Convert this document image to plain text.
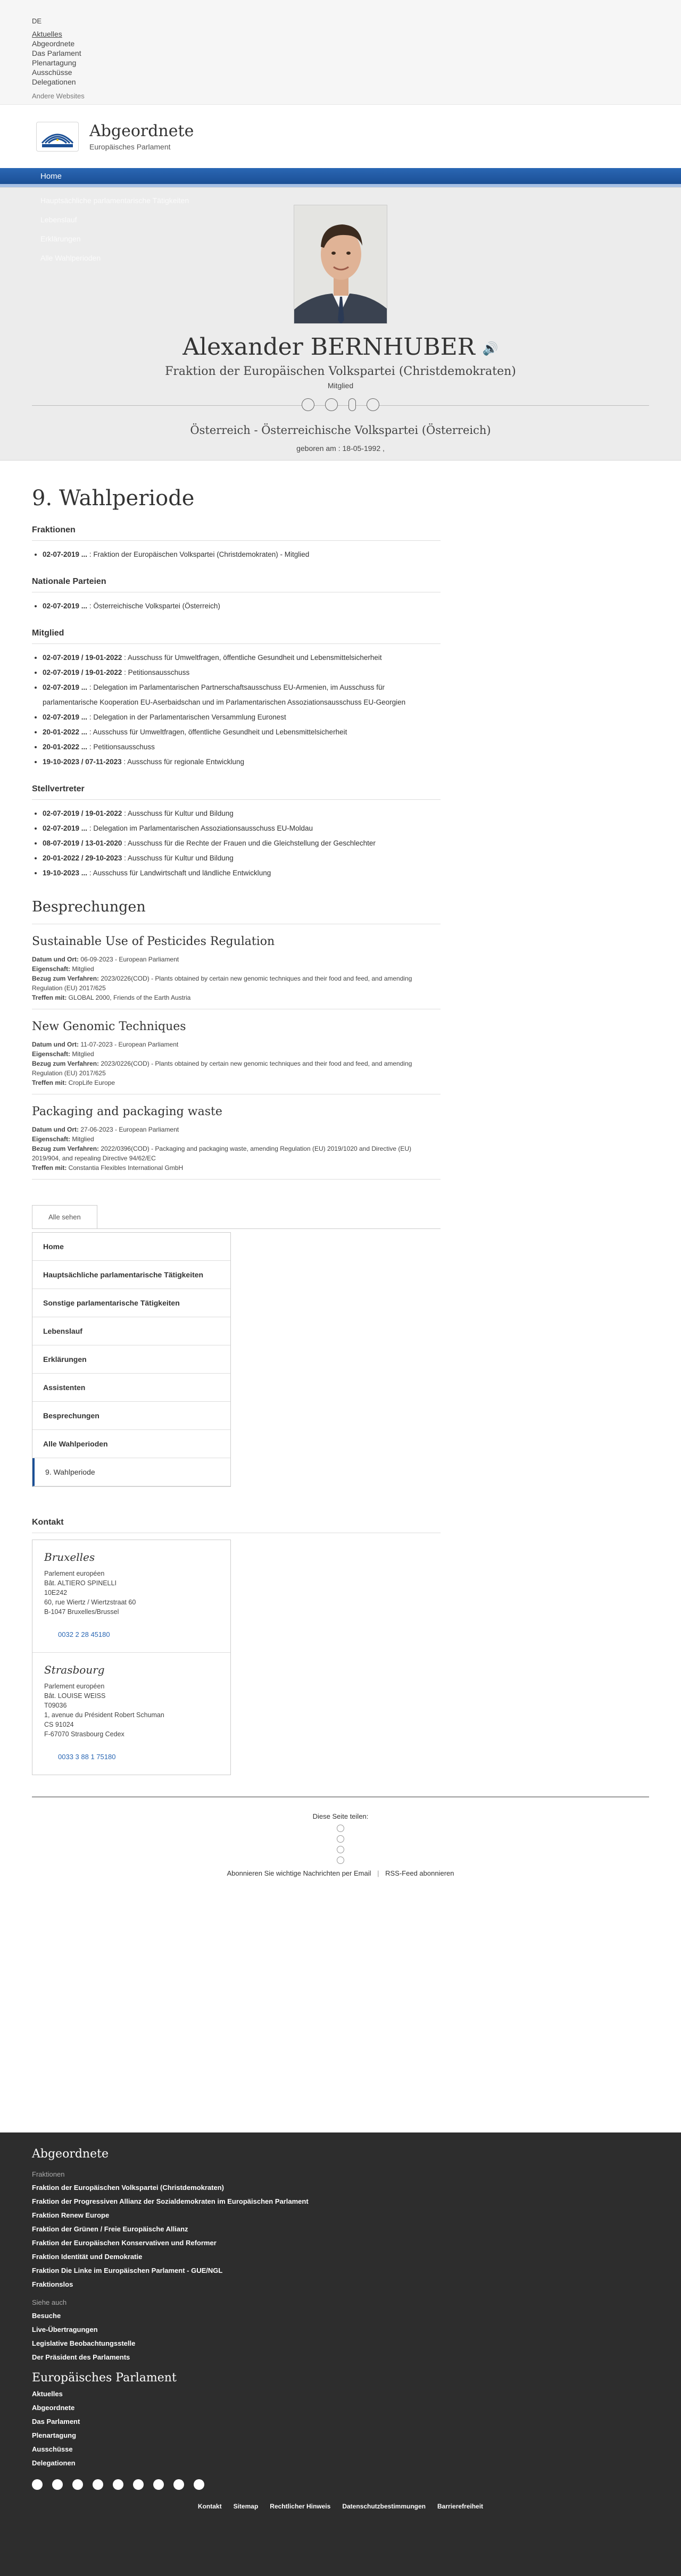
DE
Aktuelles
Abgeordnete
Das Parlament
Plenartagung
Ausschüsse
Delegationen
Andere Websites
Abgeordnete
Europäisches Parlament
Home
Hauptsächliche parlamentarische Tätigkeiten
Lebenslauf
Erklärungen
Alle Wahlperioden
Alexander BERNHUBER 🔊
Fraktion der Europäischen Volkspartei (Christdemokraten)
Mitglied
Österreich - Österreichische Volkspartei (Österreich)
geboren am : 18-05-1992 ,
9. Wahlperiode
Fraktionen
• 02-07-2019 ... : Fraktion der Europäischen Volkspartei (Christdemokraten) - Mitglied
Nationale Parteien
• 02-07-2019 ... : Österreichische Volkspartei (Österreich)
Mitglied
• 02-07-2019 / 19-01-2022 : Ausschuss für Umweltfragen, öffentliche Gesundheit und Lebensmittelsicherheit
• 02-07-2019 / 19-01-2022 : Petitionsausschuss
• 02-07-2019 ... : Delegation im Parlamentarischen Partnerschaftsausschuss EU-Armenien, im Ausschuss für parlamentarische Kooperation EU-Aserbaidschan und im Parlamentarischen Assoziationsausschuss EU-Georgien
• 02-07-2019 ... : Delegation in der Parlamentarischen Versammlung Euronest
• 20-01-2022 ... : Ausschuss für Umweltfragen, öffentliche Gesundheit und Lebensmittelsicherheit
• 20-01-2022 ... : Petitionsausschuss
• 19-10-2023 / 07-11-2023 : Ausschuss für regionale Entwicklung
Stellvertreter
• 02-07-2019 / 19-01-2022 : Ausschuss für Kultur und Bildung
• 02-07-2019 ... : Delegation im Parlamentarischen Assoziationsausschuss EU-Moldau
• 08-07-2019 / 13-01-2020 : Ausschuss für die Rechte der Frauen und die Gleichstellung der Geschlechter
• 20-01-2022 / 29-10-2023 : Ausschuss für Kultur und Bildung
• 19-10-2023 ... : Ausschuss für Landwirtschaft und ländliche Entwicklung
Besprechungen
Sustainable Use of Pesticides Regulation

Datum und Ort: 06-09-2023 - European Parliament

Eigenschaft: Mitglied

Bezug zum Verfahren: 2023/0226(COD) - Plants obtained by certain new genomic techniques and their food and feed, and amending Regulation (EU) 2017/625

Treffen mit: GLOBAL 2000, Friends of the Earth Austria

New Genomic Techniques

Datum und Ort: 11-07-2023 - European Parliament

Eigenschaft: Mitglied

Bezug zum Verfahren: 2023/0226(COD) - Plants obtained by certain new genomic techniques and their food and feed, and amending Regulation (EU) 2017/625

Treffen mit: CropLife Europe

Packaging and packaging waste

Datum und Ort: 27-06-2023 - European Parliament

Eigenschaft: Mitglied

Bezug zum Verfahren: 2022/0396(COD) - Packaging and packaging waste, amending Regulation (EU) 2019/1020 and Directive (EU) 2019/904, and repealing Directive 94/62/EC

Treffen mit: Constantia Flexibles International GmbH

Alle sehen
Home
Hauptsächliche parlamentarische Tätigkeiten
Sonstige parlamentarische Tätigkeiten
Lebenslauf
Erklärungen
Assistenten
Besprechungen
Alle Wahlperioden
9. Wahlperiode
Kontakt
Bruxelles
Parlement européen
Bât. ALTIERO SPINELLI
10E242
60, rue Wiertz / Wiertzstraat 60
B-1047 Bruxelles/Brussel
0032 2 28 45180
Strasbourg
Parlement européen
Bât. LOUISE WEISS
T09036
1, avenue du Président Robert Schuman
CS 91024
F-67070 Strasbourg Cedex
0033 3 88 1 75180
Diese Seite teilen:
Abonnieren Sie wichtige Nachrichten per Email | RSS-Feed abonnieren
Abgeordnete
Fraktionen
Fraktion der Europäischen Volkspartei (Christdemokraten)
Fraktion der Progressiven Allianz der Sozialdemokraten im Europäischen Parlament
Fraktion Renew Europe
Fraktion der Grünen / Freie Europäische Allianz
Fraktion der Europäischen Konservativen und Reformer
Fraktion Identität und Demokratie
Fraktion Die Linke im Europäischen Parlament - GUE/NGL
Fraktionslos
Siehe auch
Besuche
Live-Übertragungen
Legislative Beobachtungsstelle
Der Präsident des Parlaments
Europäisches Parlament
Aktuelles
Abgeordnete
Das Parlament
Plenartagung
Ausschüsse
Delegationen
Kontakt Sitemap Rechtlicher Hinweis Datenschutzbestimmungen Barrierefreiheit
